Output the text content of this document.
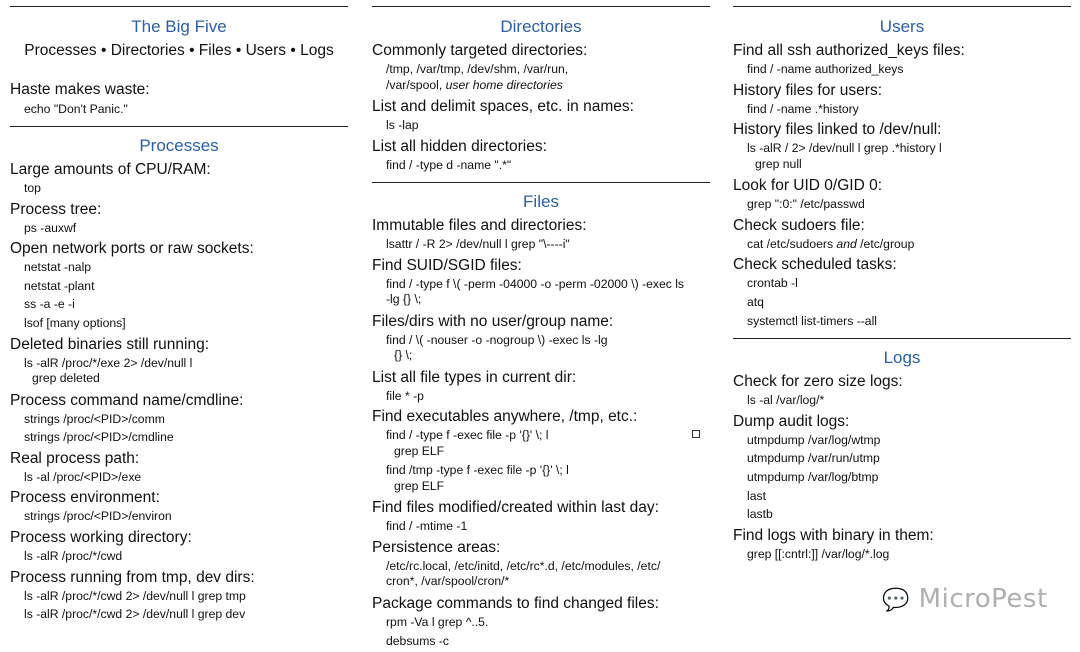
The Big Five
Processes • Directories • Files • Users • Logs
Haste makes waste:
echo "Don't Panic."
Processes
Large amounts of CPU/RAM:
top
Process tree:
ps -auxwf
Open network ports or raw sockets:
netstat -nalp
netstat -plant
ss -a -e -i
lsof [many options]
Deleted binaries still running:
ls -alR /proc/*/exe 2> /dev/null l
grep deleted
Process command name/cmdline:
strings /proc/<PID>/comm
strings /proc/<PID>/cmdline
Real process path:
ls -al /proc/<PID>/exe
Process environment:
strings /proc/<PID>/environ
Process working directory:
ls -alR /proc/*/cwd
Process running from tmp, dev dirs:
ls -alR /proc/*/cwd 2> /dev/null l grep tmp
ls -alR /proc/*/cwd 2> /dev/null l grep dev
Directories
Commonly targeted directories:
/tmp, /var/tmp, /dev/shm, /var/run,
/var/spool, user home directories
List and delimit spaces, etc. in names:
ls -lap
List all hidden directories:
find / -type d -name ".*"
Files
Immutable files and directories:
lsattr / -R 2> /dev/null l grep "\----i"
Find SUID/SGID files:
find / -type f \( -perm -04000 -o -perm -02000 \) -exec ls
-lg {} \;
Files/dirs with no user/group name:
find / \( -nouser -o -nogroup \) -exec ls -lg
{} \;
List all file types in current dir:
file * -p
Find executables anywhere, /tmp, etc.:
find / -type f -exec file -p '{}' \; l
grep ELF
find /tmp -type f -exec file -p '{}' \; l
grep ELF
Find files modified/created within last day:
find / -mtime -1
Persistence areas:
/etc/rc.local, /etc/initd, /etc/rc*.d, /etc/modules, /etc/
cron*, /var/spool/cron/*
Package commands to find changed files:
rpm -Va l grep ^..5.
debsums -c
Users
Find all ssh authorized_keys files:
find / -name authorized_keys
History files for users:
find / -name .*history
History files linked to /dev/null:
ls -alR / 2> /dev/null l grep .*history l
grep null
Look for UID 0/GID 0:
grep ":0:" /etc/passwd
Check sudoers file:
cat /etc/sudoers and /etc/group
Check scheduled tasks:
crontab -l
atq
systemctl list-timers --all
Logs
Check for zero size logs:
ls -al /var/log/*
Dump audit logs:
utmpdump /var/log/wtmp
utmpdump /var/run/utmp
utmpdump /var/log/btmp
last
lastb
Find logs with binary in them:
grep [[:cntrl:]] /var/log/*.log
💬 MicroPest
